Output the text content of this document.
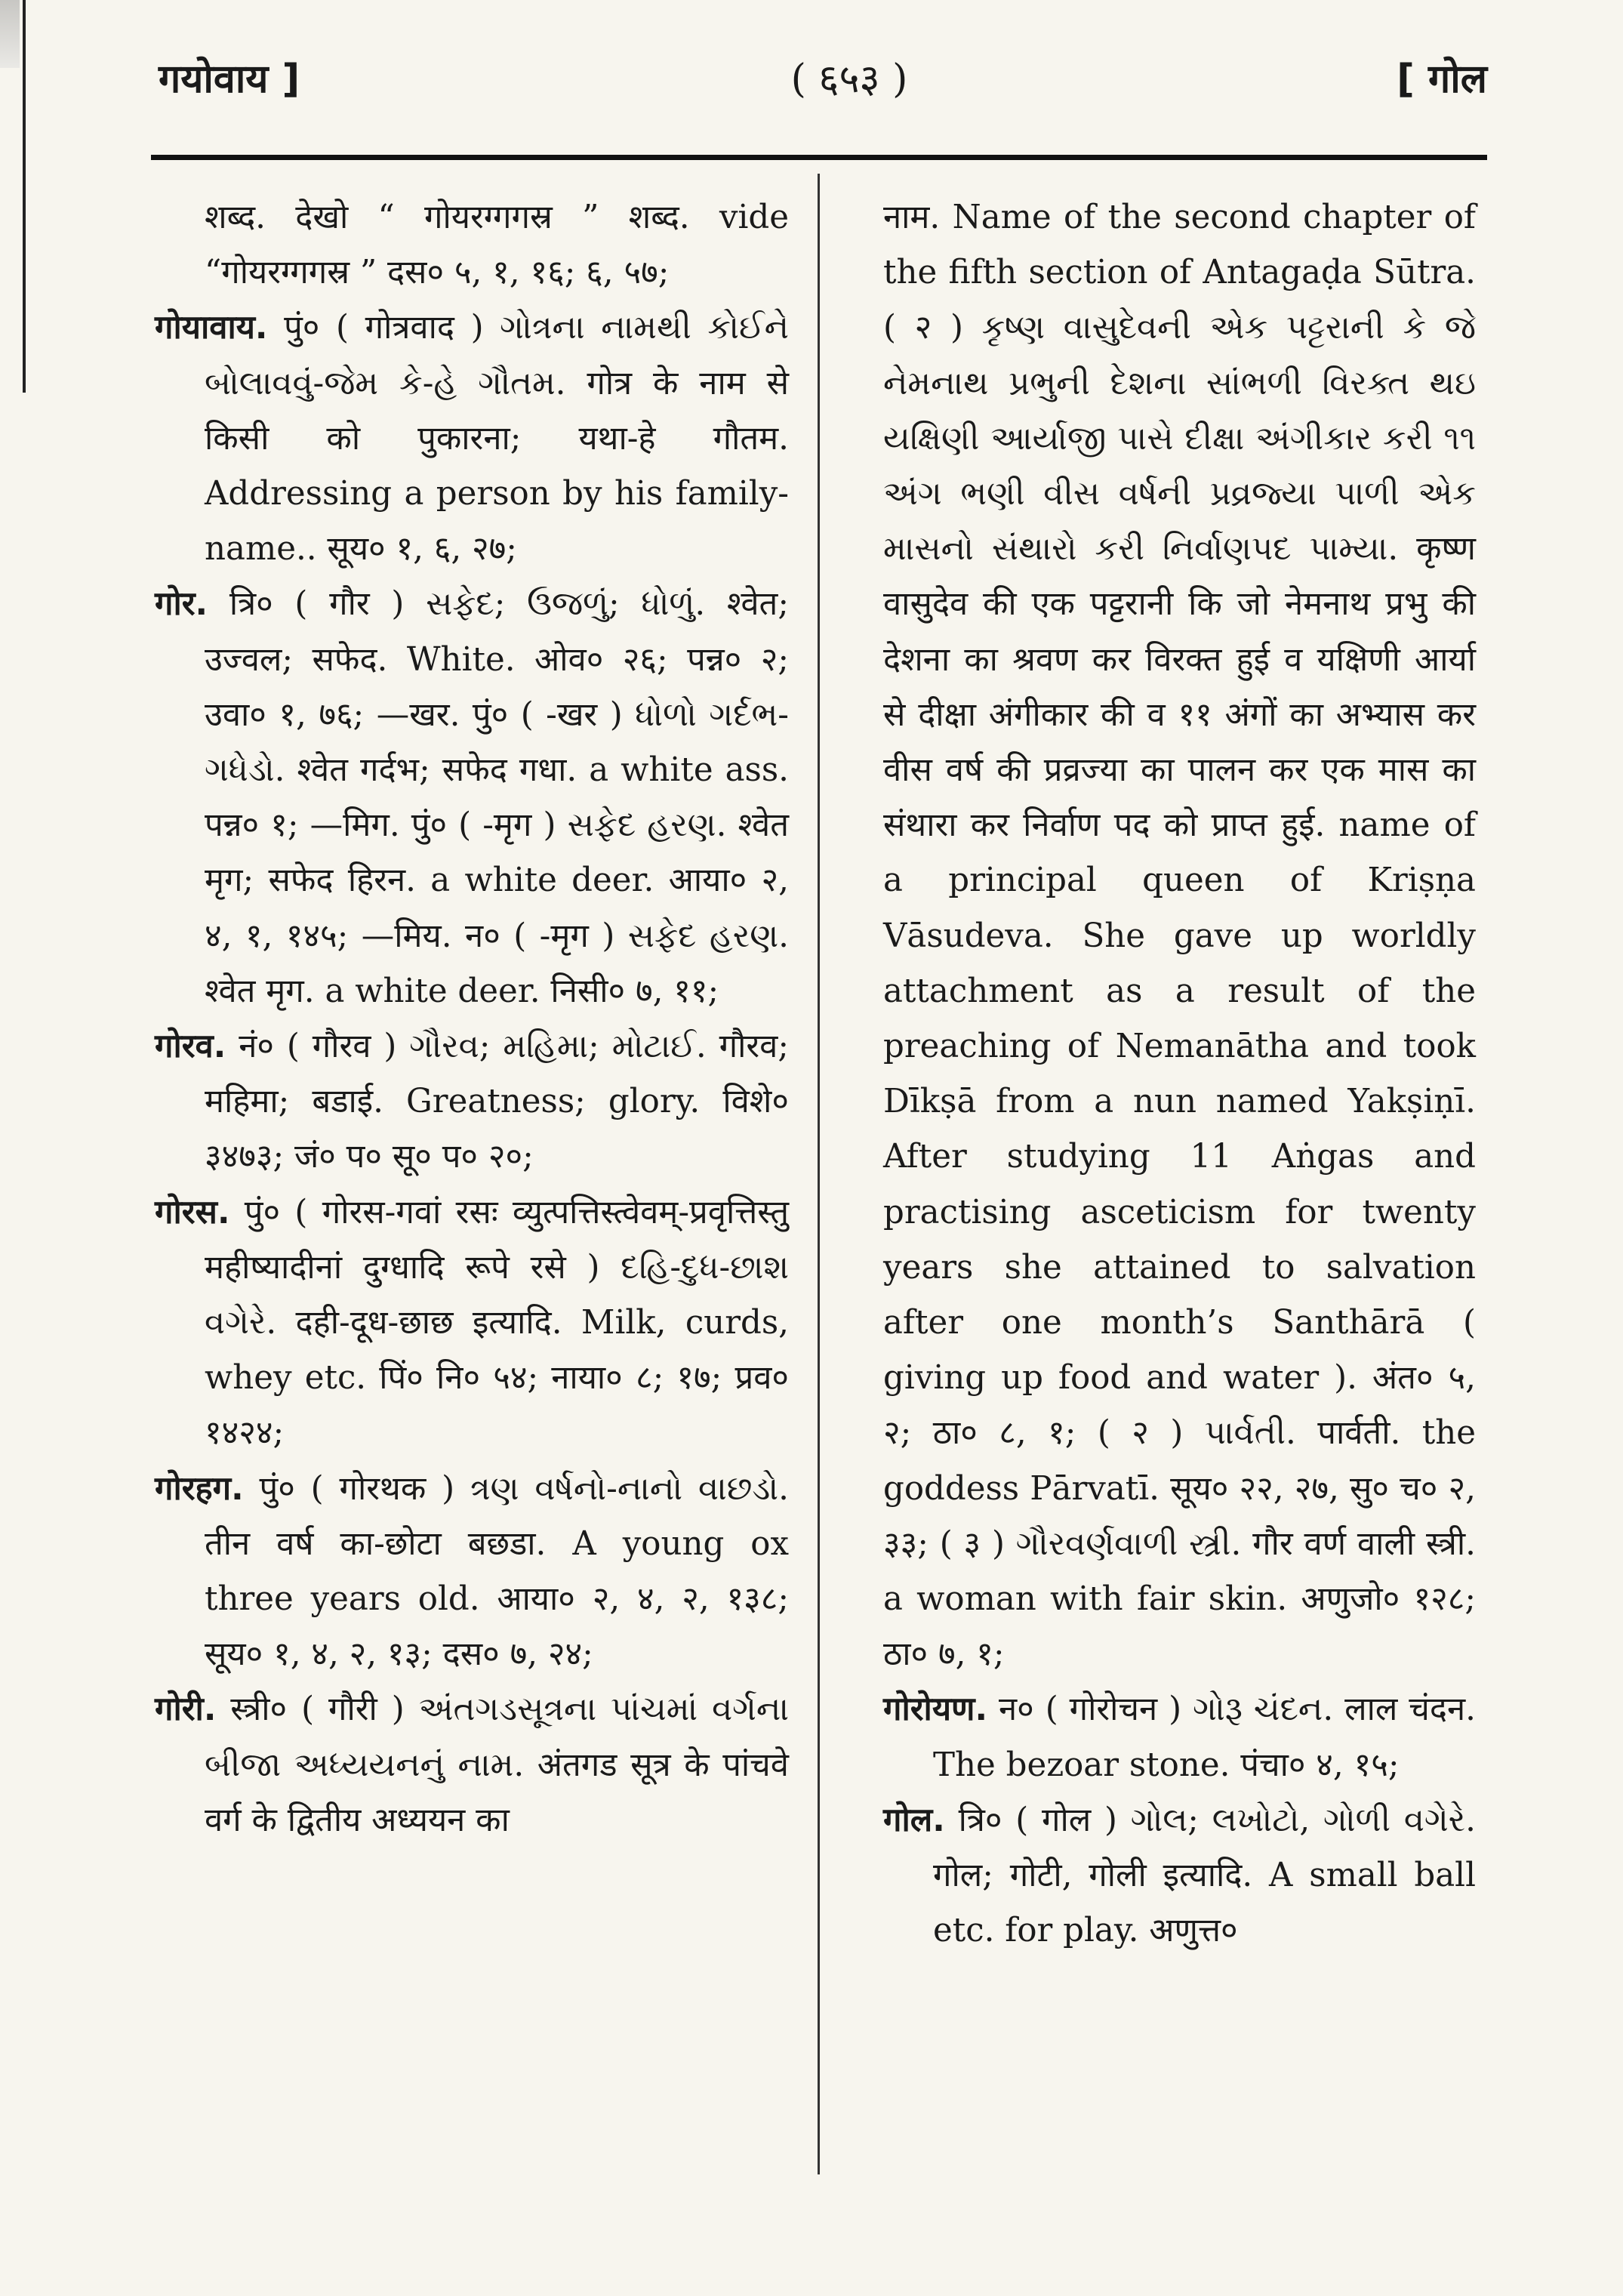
गयोवाय ]	( ६५३ )	[ गोल

शब्द. देखो “ गोयरग्गगस्र ” शब्द. vide “गोयरग्गगस्र ” दस० ५, १, १६; ६, ५७;

गोयावाय. पुं० ( गोत्रवाद ) ગોત્રના નામથી કોઈને બોલાવવું-જેમ કે-હે ગૌતમ. गोत्र के नाम से किसी को पुकारना; यथा-हे गौतम. Addressing a person by his family-name.. सूय० १, ६, २७;

गोर. त्रि० ( गौर ) સફેદ; ઉજળું; ધોળું. श्वेत; उज्वल; सफेद. White. ओव० २६; पन्न० २; उवा० १, ७६; —खर. पुं० ( -खर ) ધોળો ગર્દભ-ગધેડો. श्वेत गर्दभ; सफेद गधा. a white ass. पन्न० १; —मिग. पुं० ( -मृग ) સફેદ હરણ. श्वेत मृग; सफेद हिरन. a white deer. आया० २, ४, १, १४५; —मिय. न० ( -मृग ) સફેદ હરણ. श्वेत मृग. a white deer. निसी० ७, ११;

गोरव. नं० ( गौरव ) ગૌરવ; મહિમા; મોટાઈ. गौरव; महिमा; बडाई. Greatness; glory. विशे० ३४७३; जं० प० सू० प० २०;

गोरस. पुं० ( गोरस-गवां रसः व्युत्पत्तिस्त्वेवम्-प्रवृत्तिस्तु महीष्यादीनां दुग्धादि रूपे रसे ) દહિ-દુધ-છાશ વગેરે. दही-दूध-छाछ इत्यादि. Milk, curds, whey etc. पिं० नि० ५४; नाया० ८; १७; प्रव० १४२४;

गोरहग. पुं० ( गोरथक ) ત્રણ વર્ષનો-નાનો વાછડો. तीन वर्ष का-छोटा बछडा. A young ox three years old. आया० २, ४, २, १३८; सूय० १, ४, २, १३; दस० ७, २४;

गोरी. स्त्री० ( गौरी ) અંતગડસૂત્રના પાંચમાં વર્ગના બીજા અધ્યયનનું નામ. अंतगड सूत्र के पांचवे वर्ग के द्वितीय अध्ययन का

नाम. Name of the second chapter of the fifth section of Antagaḍa Sūtra. ( २ ) કૃષ્ણ વાસુદેવની એક પટ્ટરાની કે જે નેમનાથ પ્રભુની દેશના સાંભળી વિરક્ત થઇ યક્ષિણી આર્યાજી પાસે દીક્ષા અંગીકાર કરી ૧૧ અંગ ભણી વીસ વર્ષની પ્રવ્રજ્યા પાળી એક માસનો સંથારો કરી નિર્વાણપદ પામ્યા. कृष्ण वासुदेव की एक पट्टरानी कि जो नेमनाथ प्रभु की देशना का श्रवण कर विरक्त हुई व यक्षिणी आर्या से दीक्षा अंगीकार की व ११ अंगों का अभ्यास कर वीस वर्ष की प्रव्रज्या का पालन कर एक मास का संथारा कर निर्वाण पद को प्राप्त हुई. name of a principal queen of Kriṣṇa Vāsudeva. She gave up worldly attachment as a result of the preaching of Nemanātha and took Dīkṣā from a nun named Yakṣiṇī. After studying 11 Aṅgas and practising asceticism for twenty years she attained to salvation after one month’s Santhārā ( giving up food and water ). अंत० ५, २; ठा० ८, १; ( २ ) પાર્વતી. पार्वती. the goddess Pārvatī. सूय० २२, २७, सु० च० २, ३३; ( ३ ) ગૌરવર્ણવાળી સ્ત્રી. गौर वर्ण वाली स्त्री. a woman with fair skin. अणुजो० १२८; ठा० ७, १;

गोरोयण. न० ( गोरोचन ) ગોરૂ ચંદન. लाल चंदन. The bezoar stone. पंचा० ४, १५;

गोल. त्रि० ( गोल ) ગોલ; લખોટો, ગોળી વગેરે. गोल; गोटी, गोली इत्यादि. A small ball etc. for play. अणुत्त०
